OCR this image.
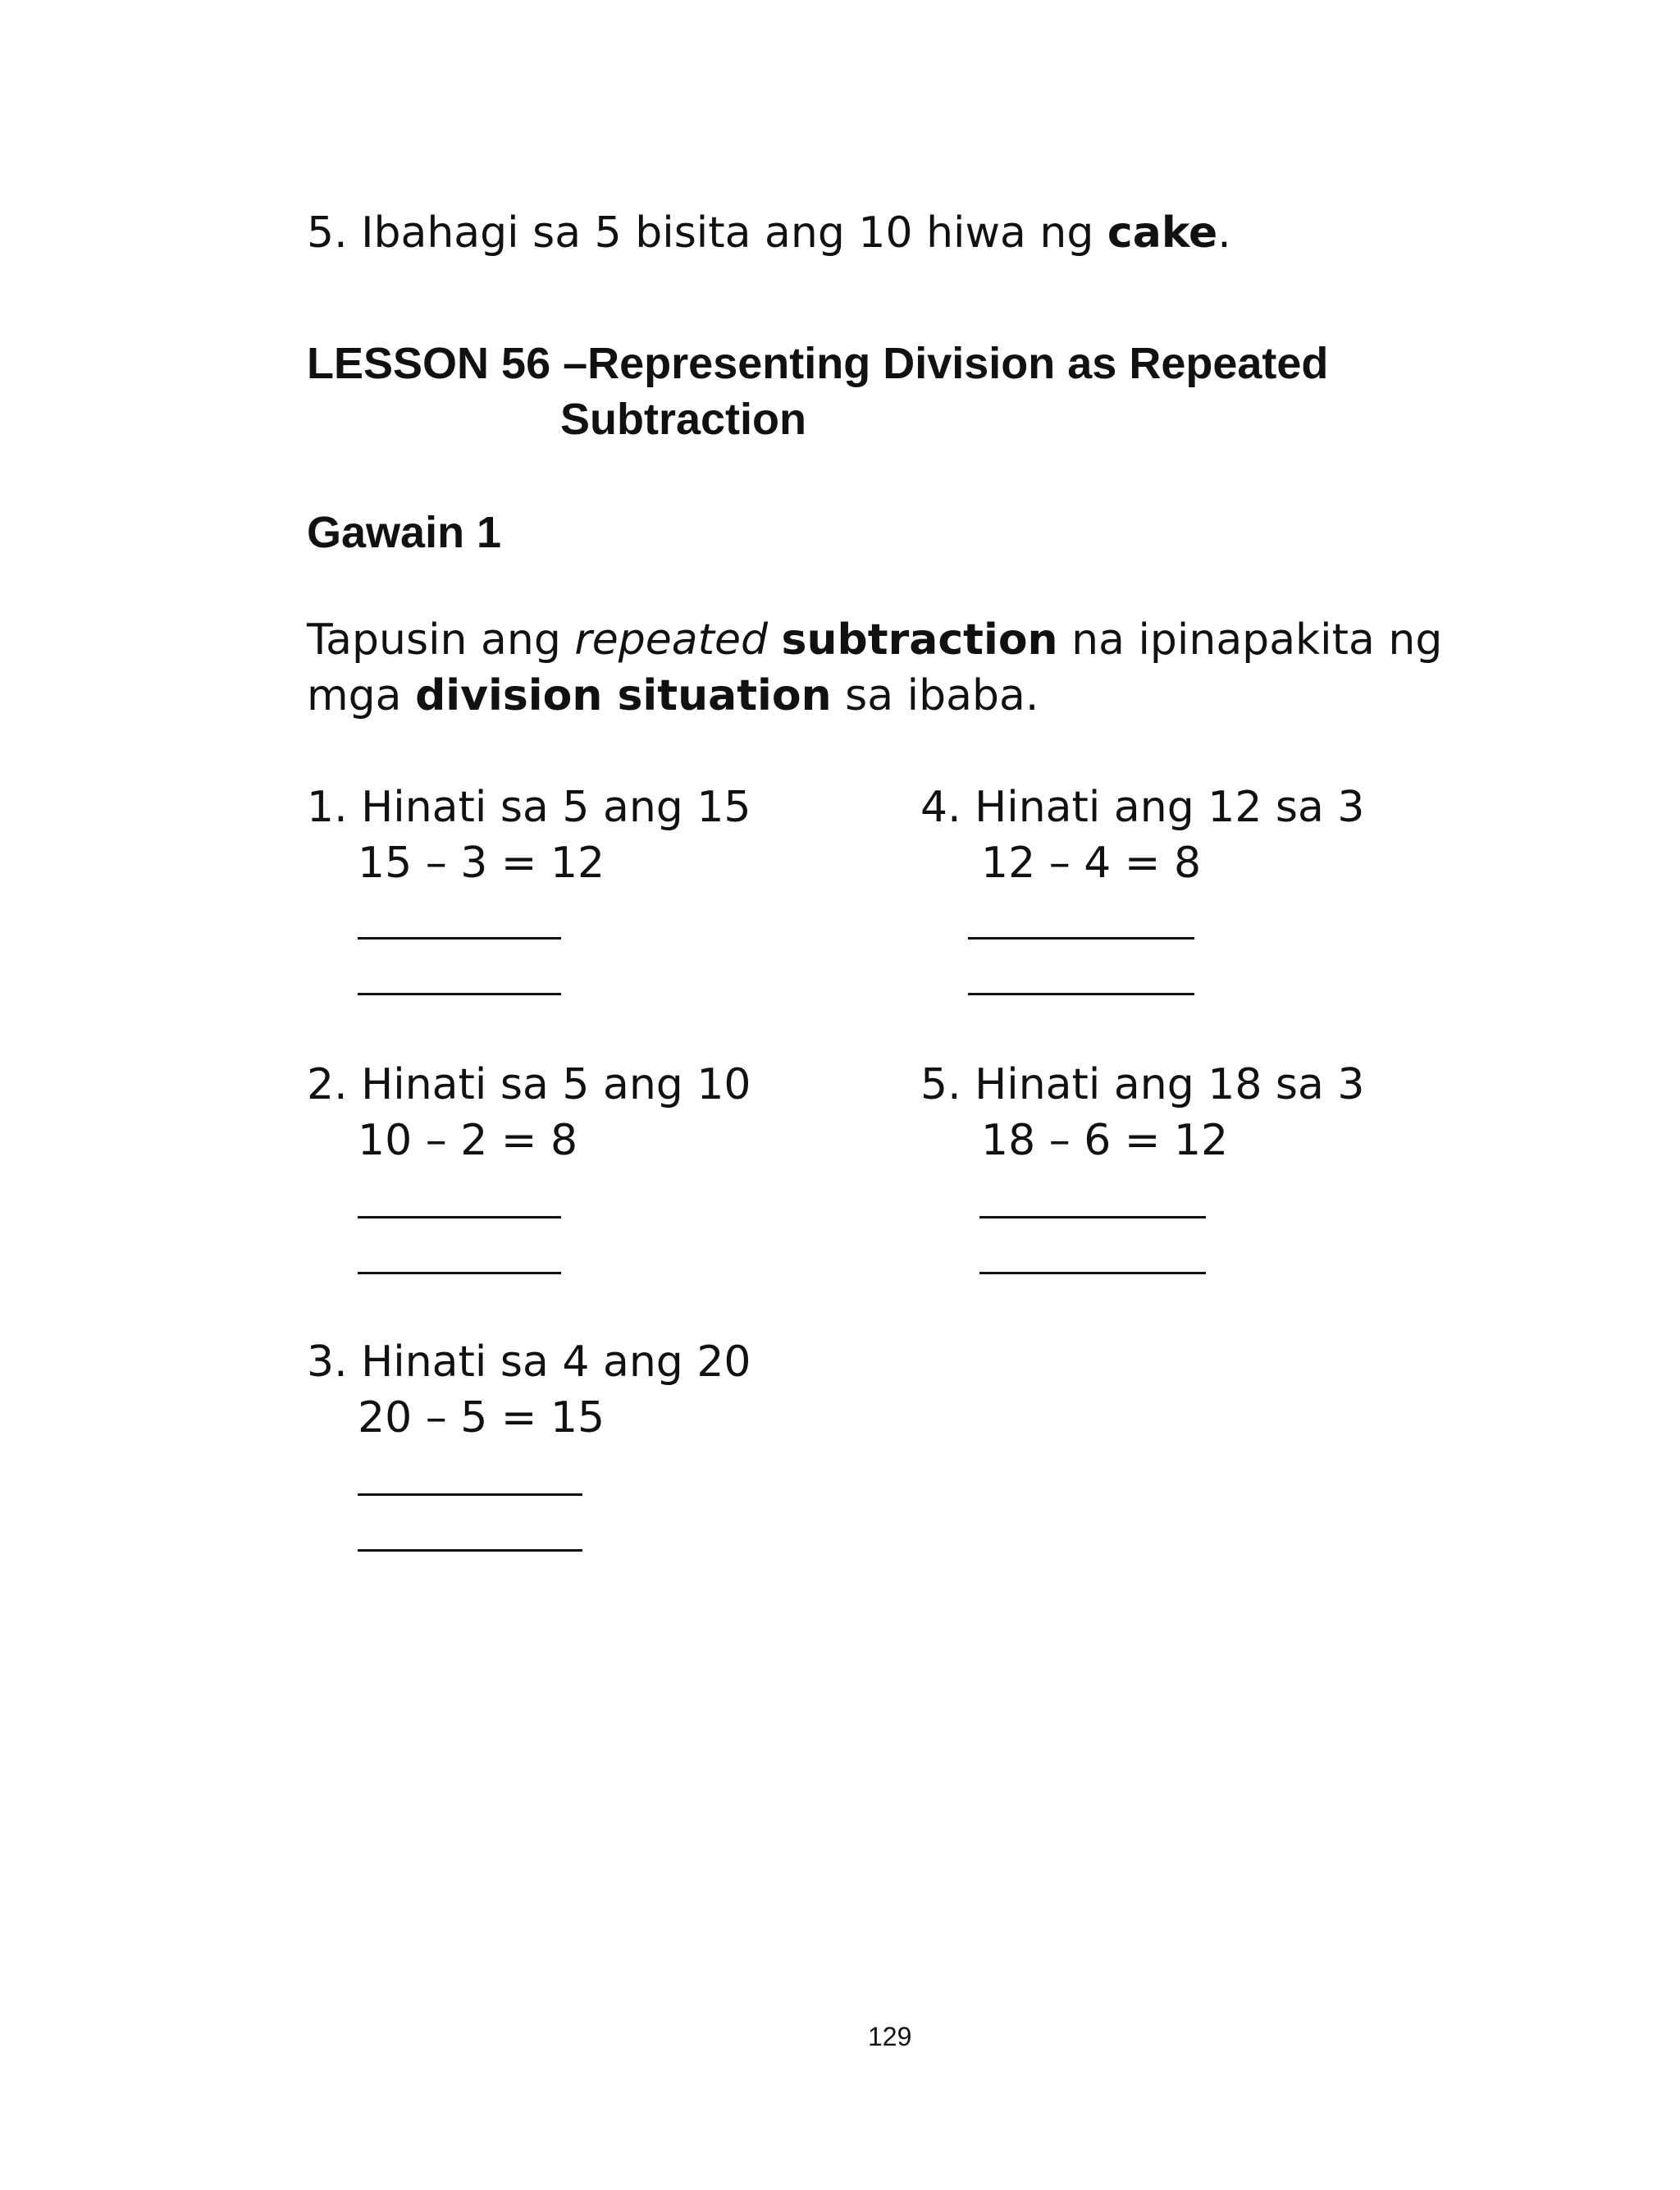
5. Ibahagi sa 5 bisita ang 10 hiwa ng cake.
LESSON 56 –Representing Division as Repeated
Subtraction
Gawain 1
Tapusin ang repeated subtraction na ipinapakita ng
mga division situation sa ibaba.
1. Hinati sa 5 ang 15
15 – 3 = 12
4. Hinati ang 12 sa 3
12 – 4 = 8
2. Hinati sa 5 ang 10
10 – 2 = 8
5. Hinati ang 18 sa 3
18 – 6 = 12
3. Hinati sa 4 ang 20
20 – 5 = 15
129
